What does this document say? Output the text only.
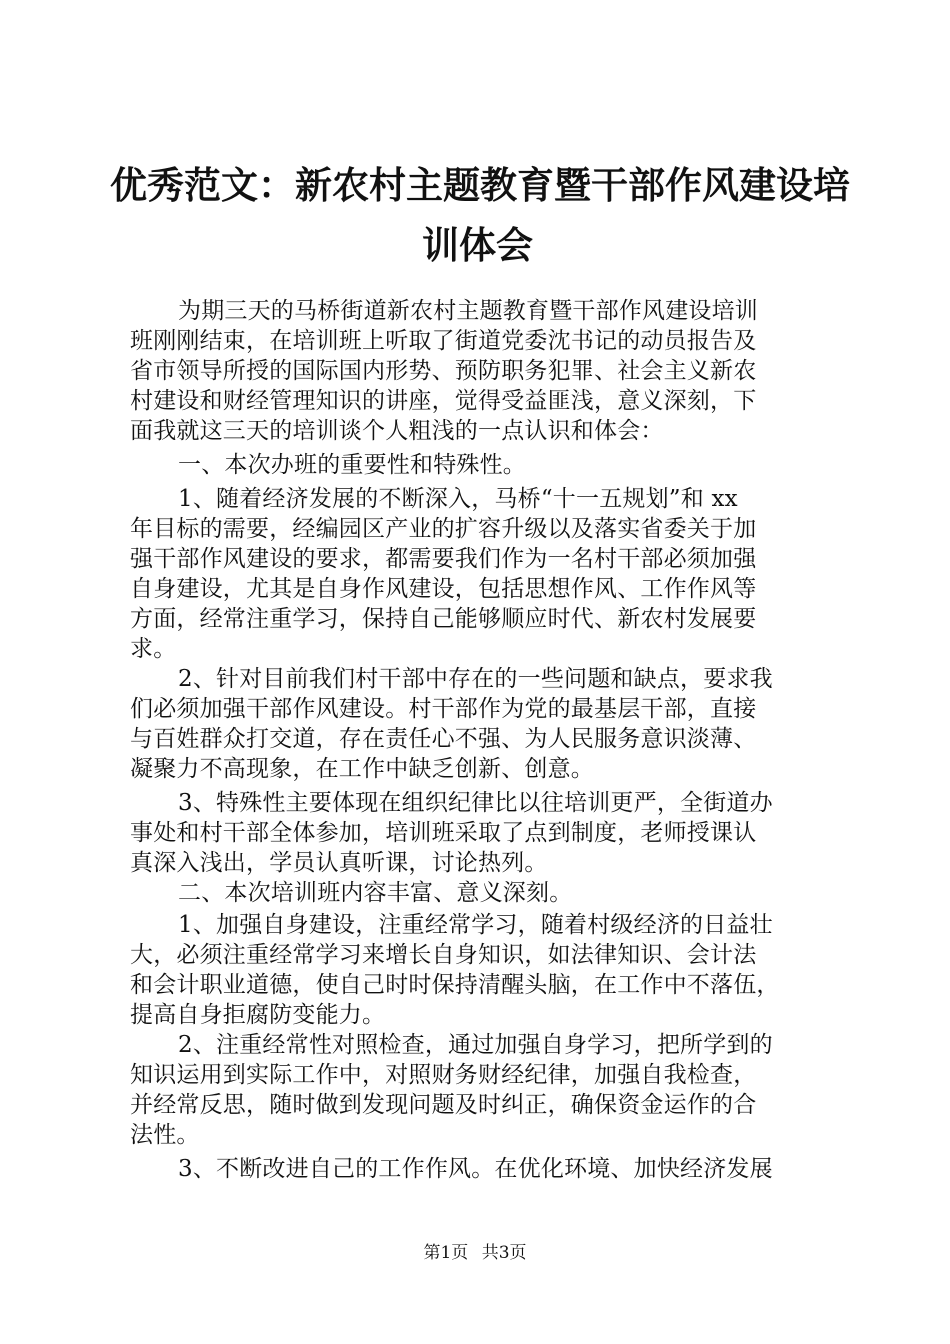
优秀范文：新农村主题教育暨干部作风建设培
训体会
为期三天的马桥街道新农村主题教育暨干部作风建设培训
班刚刚结束，在培训班上听取了街道党委沈书记的动员报告及
省市领导所授的国际国内形势、预防职务犯罪、社会主义新农
村建设和财经管理知识的讲座，觉得受益匪浅，意义深刻，下
面我就这三天的培训谈个人粗浅的一点认识和体会：
一、本次办班的重要性和特殊性。
1、随着经济发展的不断深入，马桥“十一五规划”和 xx
年目标的需要，经编园区产业的扩容升级以及落实省委关于加
强干部作风建设的要求，都需要我们作为一名村干部必须加强
自身建设，尤其是自身作风建设，包括思想作风、工作作风等
方面，经常注重学习，保持自己能够顺应时代、新农村发展要
求。
2、针对目前我们村干部中存在的一些问题和缺点，要求我
们必须加强干部作风建设。村干部作为党的最基层干部，直接
与百姓群众打交道，存在责任心不强、为人民服务意识淡薄、
凝聚力不高现象，在工作中缺乏创新、创意。
3、特殊性主要体现在组织纪律比以往培训更严，全街道办
事处和村干部全体参加，培训班采取了点到制度，老师授课认
真深入浅出，学员认真听课，讨论热列。
二、本次培训班内容丰富、意义深刻。
1、加强自身建设，注重经常学习，随着村级经济的日益壮
大，必须注重经常学习来增长自身知识，如法律知识、会计法
和会计职业道德，使自己时时保持清醒头脑，在工作中不落伍，
提高自身拒腐防变能力。
2、注重经常性对照检查，通过加强自身学习，把所学到的
知识运用到实际工作中，对照财务财经纪律，加强自我检查，
并经常反思，随时做到发现问题及时纠正，确保资金运作的合
法性。
3、不断改进自己的工作作风。在优化环境、加快经济发展
第1页 共3页
